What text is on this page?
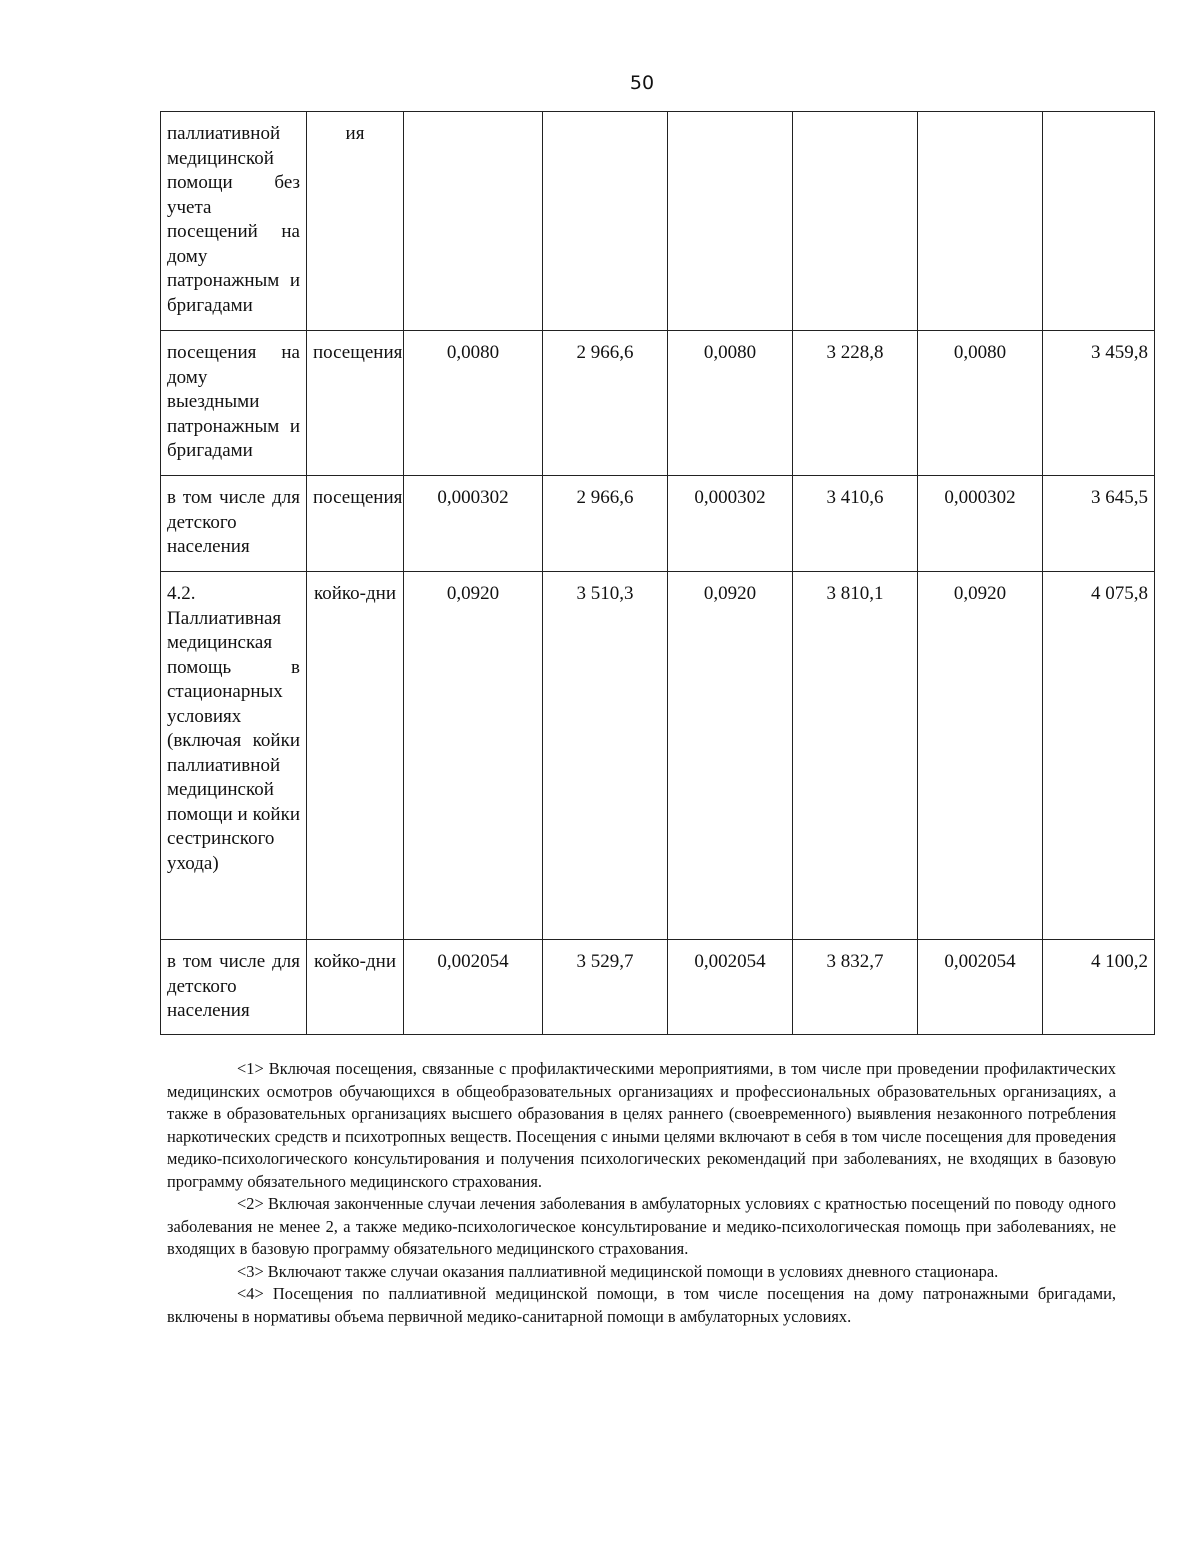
50
паллиативной медицинской помощи без учета посещений на дому патронажным и бригадами	ия						
посещения на дому выездными патронажным и бригадами	посещения	0,0080	2 966,6	0,0080	3 228,8	0,0080	3 459,8
в том числе для детского населения	посещения	0,000302	2 966,6	0,000302	3 410,6	0,000302	3 645,5
4.2. Паллиативная медицинская помощь в стационарных условиях (включая койки паллиативной медицинской помощи и койки сестринского ухода)	койко-дни	0,0920	3 510,3	0,0920	3 810,1	0,0920	4 075,8
в том числе для детского населения	койко-дни	0,002054	3 529,7	0,002054	3 832,7	0,002054	4 100,2

<1> Включая посещения, связанные с профилактическими мероприятиями, в том числе при проведении профилактических медицинских осмотров обучающихся в общеобразовательных организациях и профессиональных образовательных организациях, а также в образовательных организациях высшего образования в целях раннего (своевременного) выявления незаконного потребления наркотических средств и психотропных веществ. Посещения с иными целями включают в себя в том числе посещения для проведения медико-психологического консультирования и получения психологических рекомендаций при заболеваниях, не входящих в базовую программу обязательного медицинского страхования.

<2> Включая законченные случаи лечения заболевания в амбулаторных условиях с кратностью посещений по поводу одного заболевания не менее 2, а также медико-психологическое консультирование и медико-психологическая помощь при заболеваниях, не входящих в базовую программу обязательного медицинского страхования.

<3> Включают также случаи оказания паллиативной медицинской помощи в условиях дневного стационара.

<4> Посещения по паллиативной медицинской помощи, в том числе посещения на дому патронажными бригадами, включены в нормативы объема первичной медико-санитарной помощи в амбулаторных условиях.
